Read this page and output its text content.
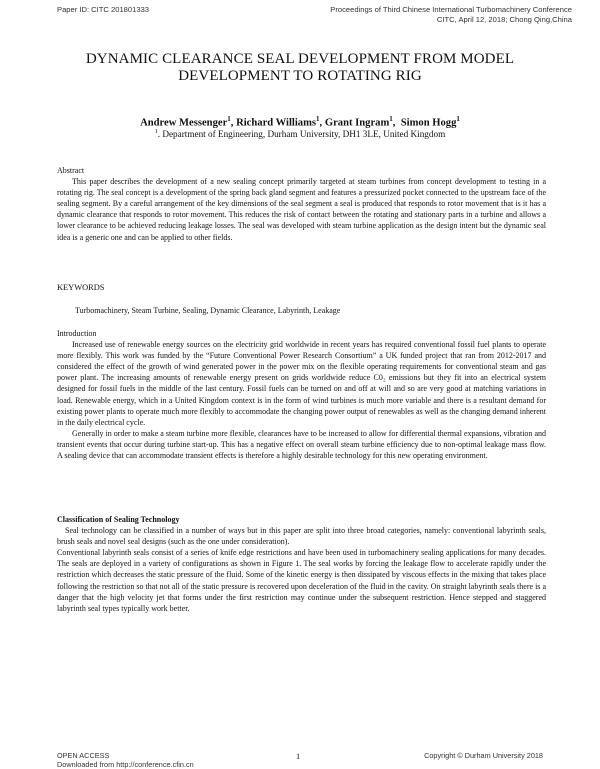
Paper ID: CITC 201801333	Proceedings of Third Chinese International Turbomachinery Conference
CITC, April 12, 2018; Chong Qing,China
DYNAMIC CLEARANCE SEAL DEVELOPMENT FROM MODEL
DEVELOPMENT TO ROTATING RIG
Andrew Messenger$^1$, Richard Williams$^1$, Grant Ingram$^1$,  Simon Hogg$^1$
$^1$. Department of Engineering, Durham University, DH1 3LE, United Kingdom

Abstract

This paper describes the development of a new sealing concept primarily targeted at steam turbines from concept development to testing in a rotating rig. The seal concept is a development of the spring back gland segment and features a pressurized pocket connected to the upstream face of the sealing segment. By a careful arrangement of the key dimensions of the seal segment a seal is produced that responds to rotor movement that is it has a dynamic clearance that responds to rotor movement. This reduces the risk of contact between the rotating and stationary parts in a turbine and allows a lower clearance to be achieved reducing leakage losses. The seal was developed with steam turbine application as the design intent but the dynamic seal idea is a generic one and can be applied to other fields.

KEYWORDS
Turbomachinery, Steam Turbine, Sealing, Dynamic Clearance, Labyrinth, Leakage

Introduction

Increased use of renewable energy sources on the electricity grid worldwide in recent years has required conventional fossil fuel plants to operate more flexibly. This work was funded by the “Future Conventional Power Research Consortium” a UK funded project that ran from 2012-2017 and considered the effect of the growth of wind generated power in the power mix on the flexible operating requirements for conventional steam and gas power plant. The increasing amounts of renewable energy present on grids worldwide reduce C0₂ emissions but they fit into an electrical system designed for fossil fuels in the middle of the last century. Fossil fuels can be turned on and off at will and so are very good at matching variations in load. Renewable energy, which in a United Kingdom context is in the form of wind turbines is much more variable and there is a resultant demand for existing power plants to operate much more flexibly to accommodate the changing power output of renewables as well as the changing demand inherent in the daily electrical cycle.

Generally in order to make a steam turbine more flexible, clearances have to be increased to allow for differential thermal expansions, vibration and transient events that occur during turbine start-up. This has a negative effect on overall steam turbine efficiency due to non-optimal leakage mass flow. A sealing device that can accommodate transient effects is therefore a highly desirable technology for this new operating environment.

Classification of Sealing Technology

Seal technology can be classified in a number of ways but in this paper are split into three broad categories, namely: conventional labyrinth seals, brush seals and novel seal designs (such as the one under consideration).

Conventional labyrinth seals consist of a series of knife edge restrictions and have been used in turbomachinery sealing applications for many decades. The seals are deployed in a variety of configurations as shown in Figure 1. The seal works by forcing the leakage flow to accelerate rapidly under the restriction which decreases the static pressure of the fluid. Some of the kinetic energy is then dissipated by viscous effects in the mixing that takes place following the restriction so that not all of the static pressure is recovered upon deceleration of the fluid in the cavity. On straight labyrinth seals there is a danger that the high velocity jet that forms under the first restriction may continue under the subsequent restriction. Hence stepped and staggered labyrinth seal types typically work better.

OPEN ACCESS
Downloaded from http://conference.cfin.cn
1	Copyright © Durham University 2018
